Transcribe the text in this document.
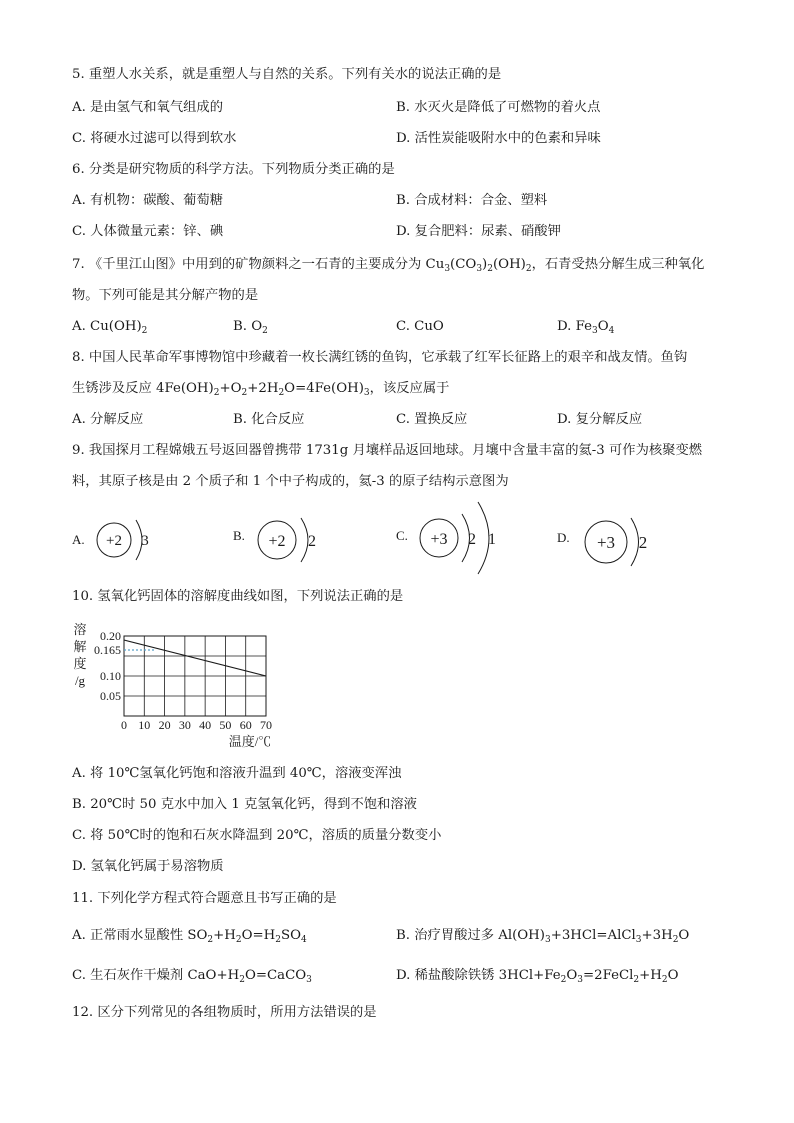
5. 重塑人水关系，就是重塑人与自然的关系。下列有关水的说法正确的是
A. 是由氢气和氧气组成的	B. 水灭火是降低了可燃物的着火点
C. 将硬水过滤可以得到软水	D. 活性炭能吸附水中的色素和异味
6. 分类是研究物质的科学方法。下列物质分类正确的是
A. 有机物：碳酸、葡萄糖	B. 合成材料：合金、塑料
C. 人体微量元素：锌、碘	D. 复合肥料：尿素、硝酸钾
7. 《千里江山图》中用到的矿物颜料之一石青的主要成分为 $Cu_3(CO_3)_2(OH)_2$，石青受热分解生成三种氧化
物。下列可能是其分解产物的是
A. $Cu(OH)_2$	B. $O_2$	C. CuO	D. $Fe_3O_4$
8. 中国人民革命军事博物馆中珍藏着一枚长满红锈的鱼钩，它承载了红军长征路上的艰辛和战友情。鱼钩
生锈涉及反应 $4Fe(OH)_2+O_2+2H_2O=4Fe(OH)_3$，该反应属于
A. 分解反应	B. 化合反应	C. 置换反应	D. 复分解反应
9. 我国探月工程嫦娥五号返回器曾携带 1731g 月壤样品返回地球。月壤中含量丰富的氦-3 可作为核聚变燃
料，其原子核是由 2 个质子和 1 个中子构成的，氦-3 的原子结构示意图为
A. +2 3	B. +2 2	C. +3 2 1	D. +3 2
10. 氢氧化钙固体的溶解度曲线如图，下列说法正确的是
0 10 20 30 40 50 60 70
0.20
0.165
0.10
0.05
溶
解
度
/g
温度/℃
A. 将 10℃氢氧化钙饱和溶液升温到 40℃，溶液变浑浊
B. 20℃时 50 克水中加入 1 克氢氧化钙，得到不饱和溶液
C. 将 50℃时的饱和石灰水降温到 20℃，溶质的质量分数变小
D. 氢氧化钙属于易溶物质
11. 下列化学方程式符合题意且书写正确的是
A. 正常雨水显酸性 $SO_2+H_2O=H_2SO_4$	B. 治疗胃酸过多 $Al(OH)_3+3HCl=AlCl_3+3H_2O$
C. 生石灰作干燥剂 $CaO+H_2O=CaCO_3$	D. 稀盐酸除铁锈 $3HCl+Fe_2O_3=2FeCl_2+H_2O$
12. 区分下列常见的各组物质时，所用方法错误的是
